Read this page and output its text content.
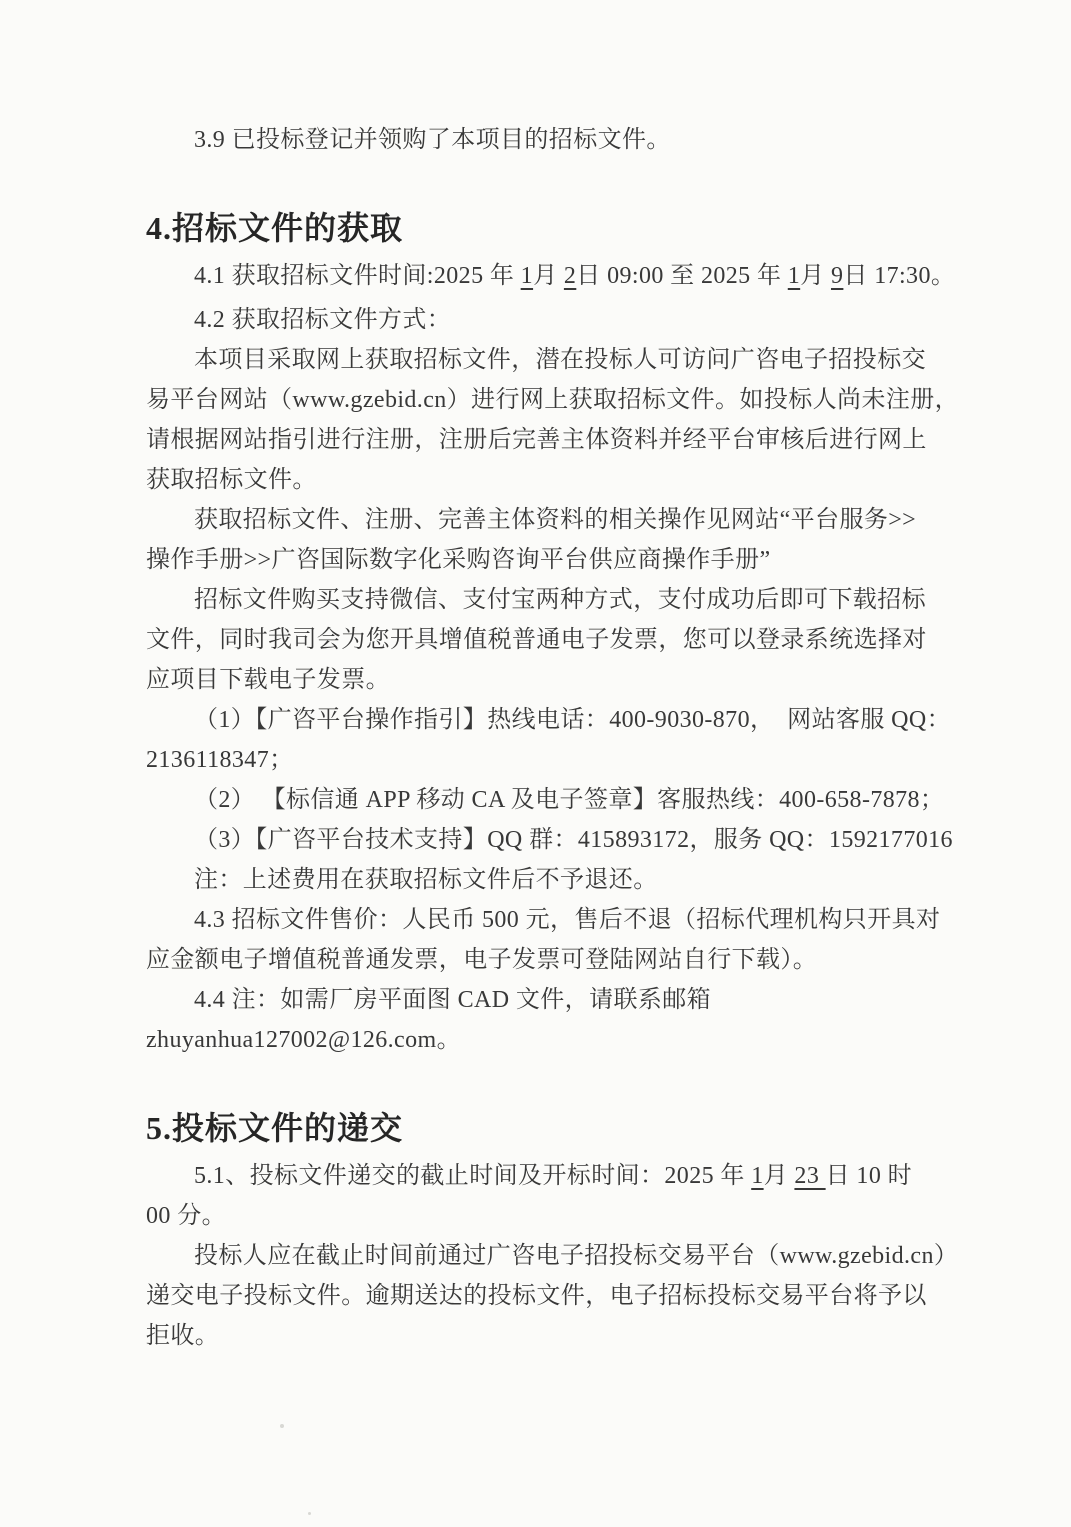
3.9 已投标登记并领购了本项目的招标文件。
4.招标文件的获取
4.1 获取招标文件时间:2025 年 1月 2日 09:00 至 2025 年 1月 9日 17:30。
4.2 获取招标文件方式：
本项目采取网上获取招标文件，潜在投标人可访问广咨电子招投标交
易平台网站（www.gzebid.cn）进行网上获取招标文件。如投标人尚未注册，
请根据网站指引进行注册，注册后完善主体资料并经平台审核后进行网上
获取招标文件。
获取招标文件、注册、完善主体资料的相关操作见网站“平台服务>>
操作手册>>广咨国际数字化采购咨询平台供应商操作手册”
招标文件购买支持微信、支付宝两种方式，支付成功后即可下载招标
文件，同时我司会为您开具增值税普通电子发票，您可以登录系统选择对
应项目下载电子发票。
（1）【广咨平台操作指引】热线电话：400-9030-870，  网站客服 QQ：
2136118347；
（2） 【标信通 APP 移动 CA 及电子签章】客服热线：400-658-7878；
（3）【广咨平台技术支持】QQ 群：415893172，服务 QQ：1592177016
注：上述费用在获取招标文件后不予退还。
4.3 招标文件售价：人民币 500 元，售后不退（招标代理机构只开具对
应金额电子增值税普通发票，电子发票可登陆网站自行下载）。
4.4 注：如需厂房平面图 CAD 文件，请联系邮箱
zhuyanhua127002@126.com。
5.投标文件的递交
5.1、投标文件递交的截止时间及开标时间：2025 年 1月 23 日 10 时
00 分。
投标人应在截止时间前通过广咨电子招投标交易平台（www.gzebid.cn）
递交电子投标文件。逾期送达的投标文件，电子招标投标交易平台将予以
拒收。
